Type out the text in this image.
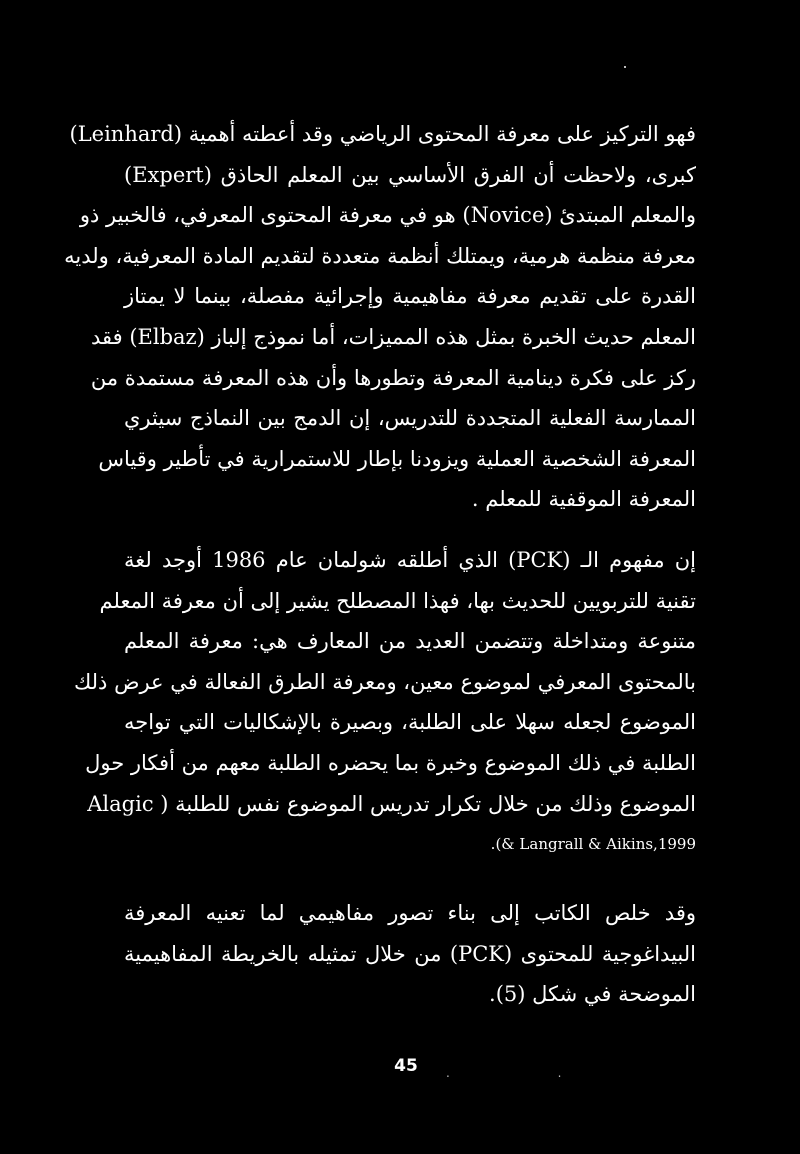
فهو التركيز على معرفة المحتوى الرياضي وقد أعطته أهمية (Leinhard)
كبرى، ولاحظت أن الفرق الأساسي بين المعلم الحاذق (Expert)
والمعلم المبتدئ (Novice) هو في معرفة المحتوى المعرفي، فالخبير ذو
معرفة منظمة هرمية، ويمتلك أنظمة متعددة لتقديم المادة المعرفية، ولديه
القدرة على تقديم معرفة مفاهيمية وإجرائية مفصلة، بينما لا يمتاز
المعلم حديث الخبرة بمثل هذه المميزات، أما نموذج إلباز (Elbaz) فقد
ركز على فكرة دينامية المعرفة وتطورها وأن هذه المعرفة مستمدة من
الممارسة الفعلية المتجددة للتدريس، إن الدمج بين النماذج سيثري
المعرفة الشخصية العملية ويزودنا بإطار للاستمرارية في تأطير وقياس
المعرفة الموقفية للمعلم .
إن مفهوم الـ (PCK) الذي أطلقه شولمان عام 1986 أوجد لغة
تقنية للتربويين للحديث بها، فهذا المصطلح يشير إلى أن معرفة المعلم
متنوعة ومتداخلة وتتضمن العديد من المعارف هي: معرفة المعلم
بالمحتوى المعرفي لموضوع معين، ومعرفة الطرق الفعالة في عرض ذلك
الموضوع لجعله سهلا على الطلبة، وبصيرة بالإشكاليات التي تواجه
الطلبة في ذلك الموضوع وخبرة بما يحضره الطلبة معهم من أفكار حول
الموضوع وذلك من خلال تكرار تدريس الموضوع نفس للطلبة ( Alagic
.(& Langrall & Aikins,1999
وقد خلص الكاتب إلى بناء تصور مفاهيمي لما تعنيه المعرفة
البيداغوجية للمحتوى (PCK) من خلال تمثيله بالخريطة المفاهيمية
الموضحة في شكل (5).
45	. .
